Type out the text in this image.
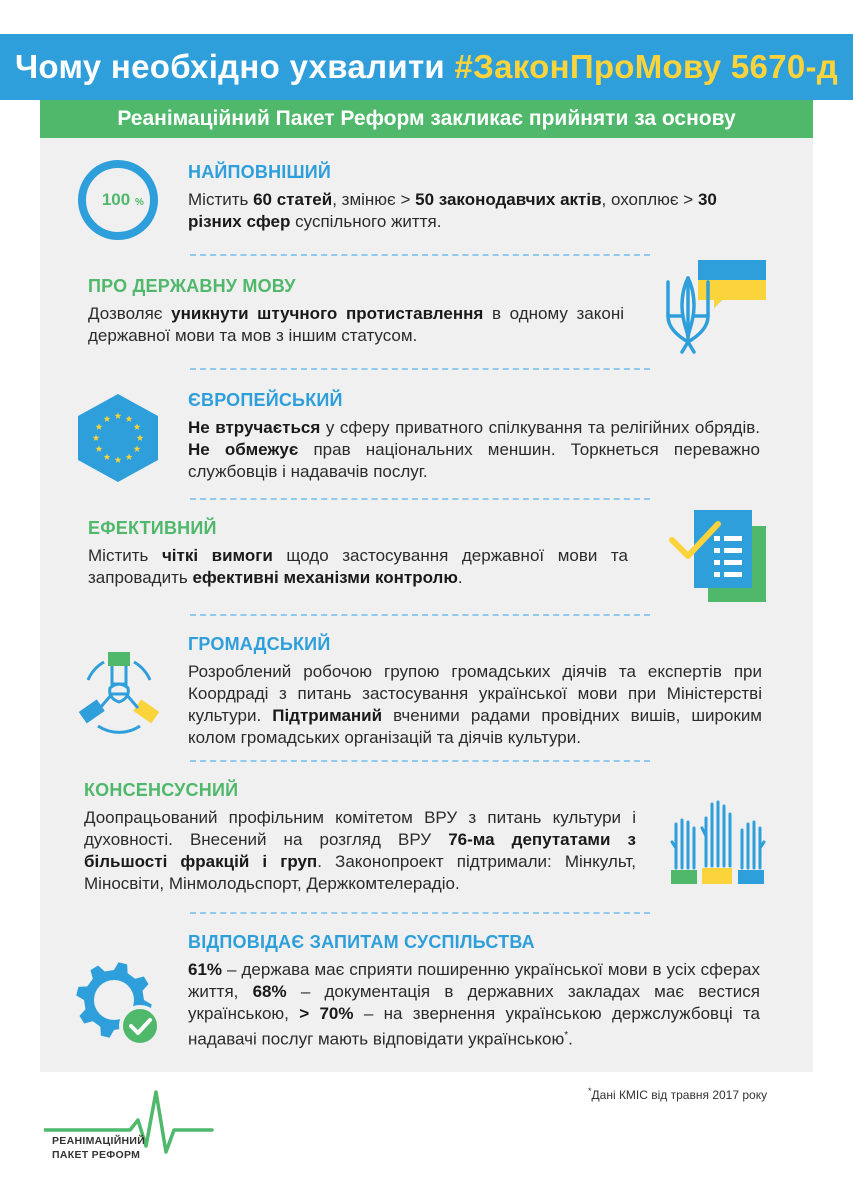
Чому необхідно ухвалити #ЗаконПроМову 5670-д
Реанімаційний Пакет Реформ закликає прийняти за основу
100 %
НАЙПОВНІШИЙ

Містить 60 статей, змінює > 50 законодавчих актів, охоплює > 30 різних сфер суспільного життя.

ПРО ДЕРЖАВНУ МОВУ

Дозволяє уникнути штучного протиставлення в одному законі державної мови та мов з іншим статусом.

ЄВРОПЕЙСЬКИЙ

Не втручається у сферу приватного спілкування та релігійних обрядів. Не обмежує прав національних меншин. Торкнеться переважно службовців і надавачів послуг.

ЕФЕКТИВНИЙ

Містить чіткі вимоги щодо застосування державної мови та запровадить ефективні механізми контролю.

ГРОМАДСЬКИЙ

Розроблений робочою групою громадських діячів та експертів при Коордраді з питань застосування української мови при Міністерстві культури. Підтриманий вченими радами провідних вишів, широким колом громадських організацій та діячів культури.

КОНСЕНСУСНИЙ

Доопрацьований профільним комітетом ВРУ з питань культури і духовності. Внесений на розгляд ВРУ 76-ма депутатами з більшості фракцій і груп. Законопроект підтримали: Мінкульт, Міносвіти, Мінмолодьспорт, Держкомтелерадіо.

ВІДПОВІДАЄ ЗАПИТАМ СУСПІЛЬСТВА

61% – держава має сприяти поширенню української мови в усіх сферах життя, 68% – документація в державних закладах має вестися українською, > 70% – на звернення українською держслужбовці та надавачі послуг мають відповідати українською*.

*Дані КМІС від травня 2017 року
РЕАНІМАЦІЙНИЙ
ПАКЕТ РЕФОРМ
